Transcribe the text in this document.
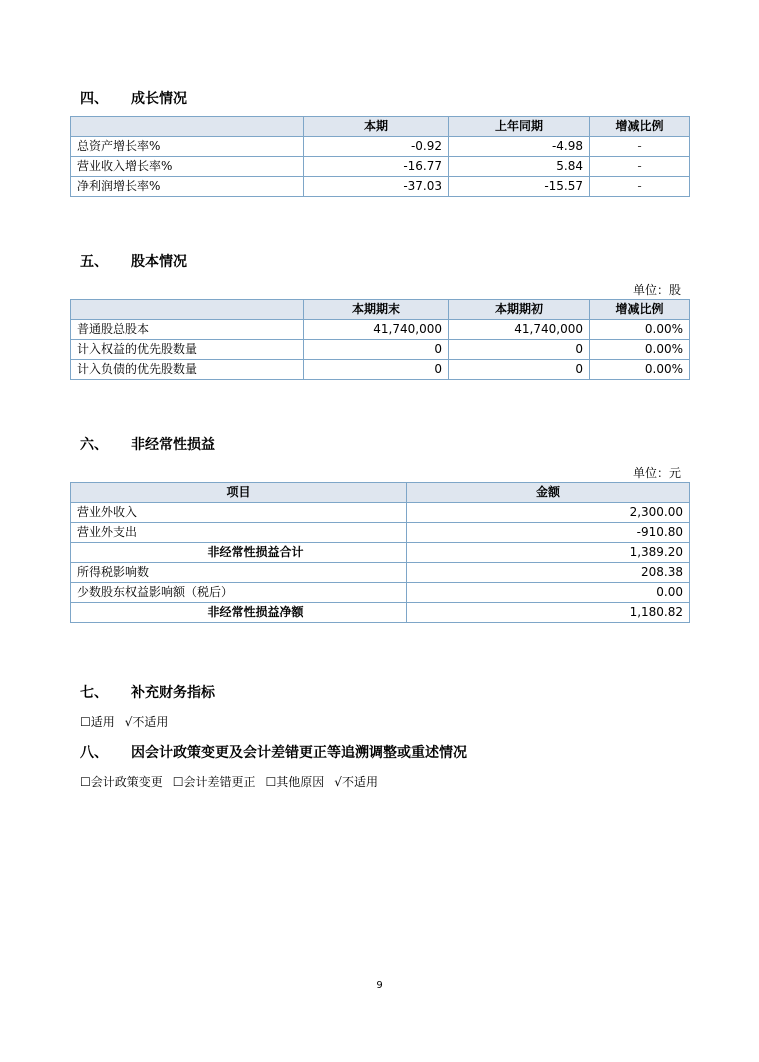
四、 成长情况
	本期	上年同期	增减比例
总资产增长率%	-0.92	-4.98	-
营业收入增长率%	-16.77	5.84	-
净利润增长率%	-37.03	-15.57	-
五、 股本情况
单位：股
	本期期末	本期期初	增减比例
普通股总股本	41,740,000	41,740,000	0.00%
计入权益的优先股数量	0	0	0.00%
计入负债的优先股数量	0	0	0.00%
六、 非经常性损益
单位：元
项目	金额
营业外收入	2,300.00
营业外支出	-910.80
非经常性损益合计	1,389.20
所得税影响数	208.38
少数股东权益影响额（税后）	0.00
非经常性损益净额	1,180.82
七、 补充财务指标
☐适用 √不适用
八、 因会计政策变更及会计差错更正等追溯调整或重述情况
☐会计政策变更 ☐会计差错更正 ☐其他原因 √不适用
9
